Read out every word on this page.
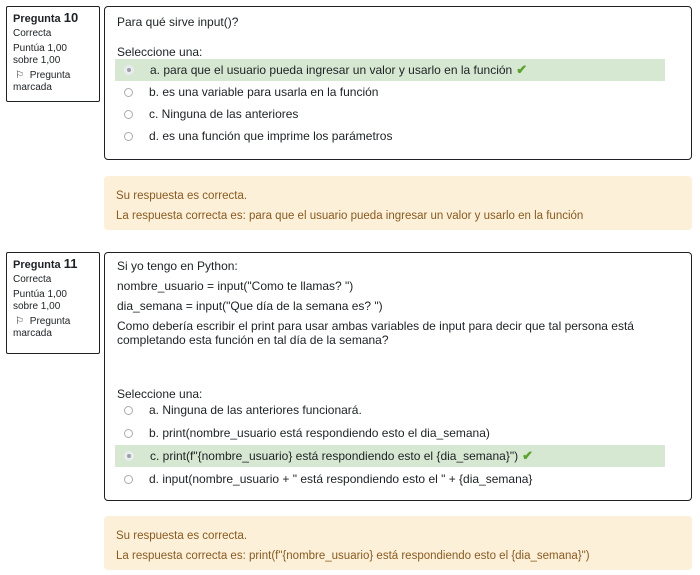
Pregunta 10
Correcta
Puntúa 1,00 sobre 1,00
⚐ Pregunta marcada
Para qué sirve input()?
Seleccione una:
a. para que el usuario pueda ingresar un valor y usarlo en la función ✔
b. es una variable para usarla en la función
c. Ninguna de las anteriores
d. es una función que imprime los parámetros
Su respuesta es correcta.
La respuesta correcta es: para que el usuario pueda ingresar un valor y usarlo en la función
Pregunta 11
Correcta
Puntúa 1,00 sobre 1,00
⚐ Pregunta marcada

Si yo tengo en Python:

nombre_usuario = input("Como te llamas? ")

dia_semana = input("Que día de la semana es? ")

Como debería escribir el print para usar ambas variables de input para decir que tal persona está completando esta función en tal día de la semana?

Seleccione una:
a. Ninguna de las anteriores funcionará.
b. print(nombre_usuario está respondiendo esto el dia_semana)
c. print(f"{nombre_usuario} está respondiendo esto el {dia_semana}") ✔
d. input(nombre_usuario + " está respondiendo esto el " + {dia_semana}
Su respuesta es correcta.
La respuesta correcta es: print(f"{nombre_usuario} está respondiendo esto el {dia_semana}")
